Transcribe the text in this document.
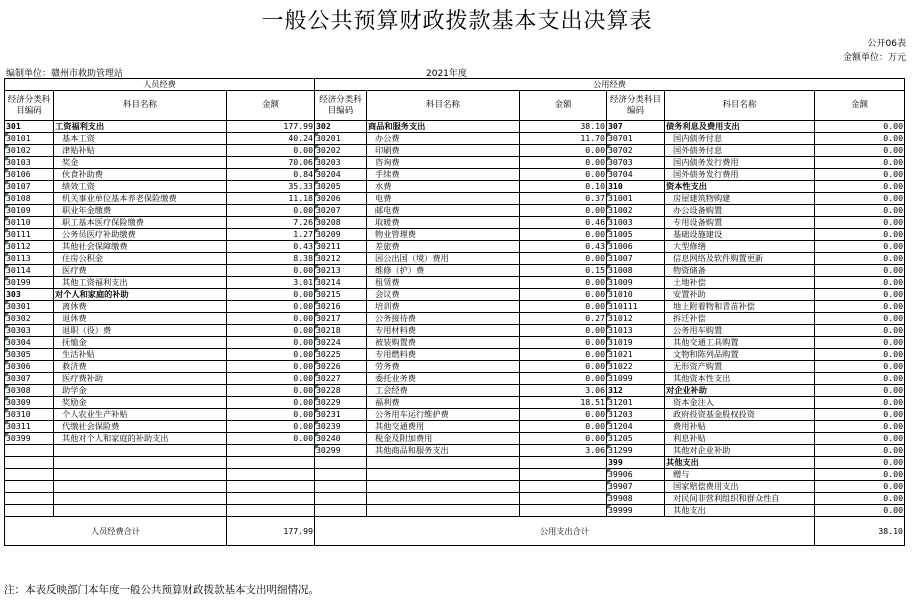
一般公共预算财政拨款基本支出决算表
公开06表
金额单位：万元
编制单位：赣州市救助管理站	2021年度
人员经费			公用经费					
经济分类科目编码	科目名称	金额	经济分类科目编码	科目名称	金额	经济分类科目编码	科目名称	金额
301	工资福利支出	177.99	302	商品和服务支出	38.10	307	债务利息及费用支出	0.00
30101	基本工资	40.24	30201	办公费	11.70	30701	国内债务付息	0.00
30102	津贴补贴	0.00	30202	印刷费	0.00	30702	国外债务付息	0.00
30103	奖金	70.06	30203	咨询费	0.00	30703	国内债务发行费用	0.00
30106	伙食补助费	0.84	30204	手续费	0.00	30704	国外债务发行费用	0.00
30107	绩效工资	35.33	30205	水费	0.10	310	资本性支出	0.00
30108	机关事业单位基本养老保险缴费	11.18	30206	电费	0.37	31001	房屋建筑物购建	0.00
30109	职业年金缴费	0.00	30207	邮电费	0.00	31002	办公设备购置	0.00
30110	职工基本医疗保险缴费	7.26	30208	取暖费	0.46	31003	专用设备购置	0.00
30111	公务员医疗补助缴费	1.27	30209	物业管理费	0.00	31005	基础设施建设	0.00
30112	其他社会保障缴费	0.43	30211	差旅费	0.43	31006	大型修缮	0.00
30113	住房公积金	8.38	30212	因公出国（境）费用	0.00	31007	信息网络及软件购置更新	0.00
30114	医疗费	0.00	30213	维修（护）费	0.15	31008	物资储备	0.00
30199	其他工资福利支出	3.01	30214	租赁费	0.00	31009	土地补偿	0.00
303	对个人和家庭的补助	0.00	30215	会议费	0.00	31010	安置补助	0.00
30301	离休费	0.00	30216	培训费	0.00	310111	地上附着物和青苗补偿	0.00
30302	退休费	0.00	30217	公务接待费	0.27	31012	拆迁补偿	0.00
30303	退职（役）费	0.00	30218	专用材料费	0.00	31013	公务用车购置	0.00
30304	抚恤金	0.00	30224	被装购置费	0.00	31019	其他交通工具购置	0.00
30305	生活补贴	0.00	30225	专用燃料费	0.00	31021	文物和陈列品购置	0.00
30306	救济费	0.00	30226	劳务费	0.00	31022	无形资产购置	0.00
30307	医疗费补助	0.00	30227	委托业务费	0.00	31099	其他资本性支出	0.00
30308	助学金	0.00	30228	工会经费	3.06	312	对企业补助	0.00
30309	奖励金	0.00	30229	福利费	18.51	31201	资本金注入	0.00
30310	个人农业生产补贴	0.00	30231	公务用车运行维护费	0.00	31203	政府投资基金股权投资	0.00
30311	代缴社会保险费	0.00	30239	其他交通费用	0.00	31204	费用补贴	0.00
30399	其他对个人和家庭的补助支出	0.00	30240	税金及附加费用	0.00	31205	利息补贴	0.00
			30299	其他商品和服务支出	3.06	31299	其他对企业补助	0.00
						399	其他支出	0.00
						39906	赠与	0.00
						39907	国家赔偿费用支出	0.00
						39908	对民间非营利组织和群众性自	0.00
						39999	其他支出	0.00
人员经费合计		177.99	公用支出合计					38.10
注：本表反映部门本年度一般公共预算财政拨款基本支出明细情况。
